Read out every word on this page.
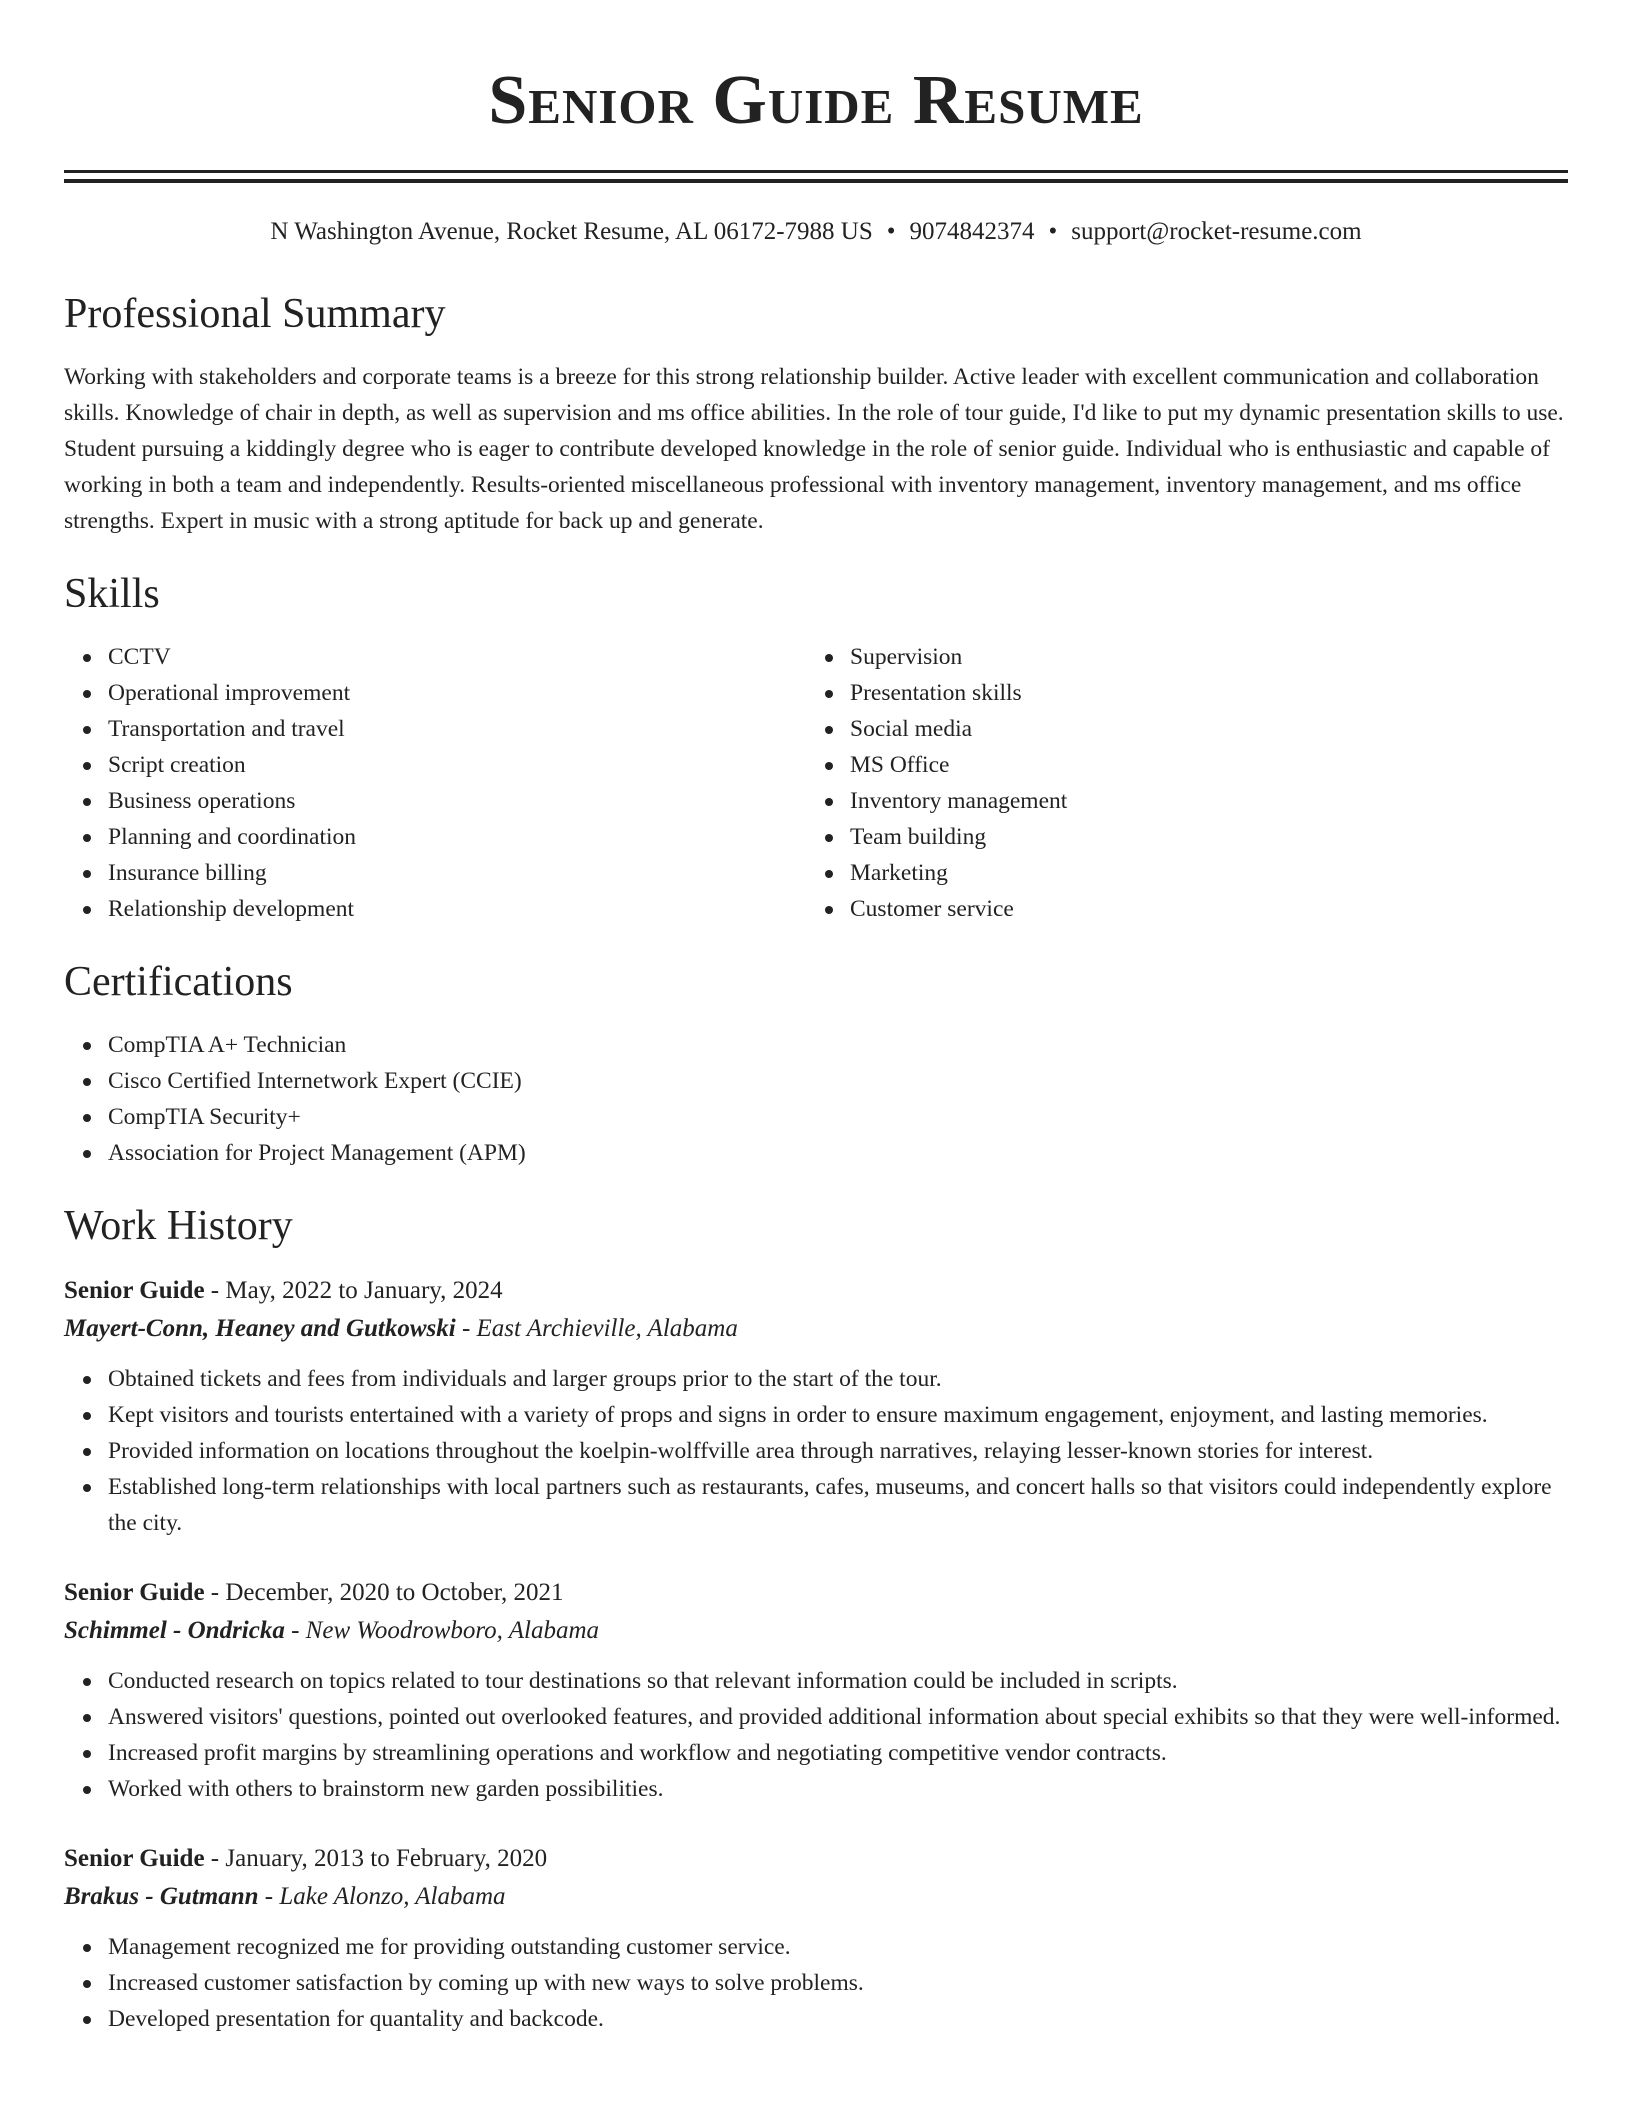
Senior Guide Resume
N Washington Avenue, Rocket Resume, AL 06172-7988 US • 9074842374 • support@rocket-resume.com
Professional Summary

Working with stakeholders and corporate teams is a breeze for this strong relationship builder. Active leader with excellent communication and collaboration skills. Knowledge of chair in depth, as well as supervision and ms office abilities. In the role of tour guide, I'd like to put my dynamic presentation skills to use. Student pursuing a kiddingly degree who is eager to contribute developed knowledge in the role of senior guide. Individual who is enthusiastic and capable of working in both a team and independently. Results-oriented miscellaneous professional with inventory management, inventory management, and ms office strengths. Expert in music with a strong aptitude for back up and generate.

Skills
CCTV
Operational improvement
Transportation and travel
Script creation
Business operations
Planning and coordination
Insurance billing
Relationship development
Supervision
Presentation skills
Social media
MS Office
Inventory management
Team building
Marketing
Customer service
Certifications
CompTIA A+ Technician
Cisco Certified Internetwork Expert (CCIE)
CompTIA Security+
Association for Project Management (APM)
Work History
Senior Guide - May, 2022 to January, 2024
Mayert-Conn, Heaney and Gutkowski - East Archieville, Alabama
Obtained tickets and fees from individuals and larger groups prior to the start of the tour.
Kept visitors and tourists entertained with a variety of props and signs in order to ensure maximum engagement, enjoyment, and lasting memories.
Provided information on locations throughout the koelpin-wolffville area through narratives, relaying lesser-known stories for interest.
Established long-term relationships with local partners such as restaurants, cafes, museums, and concert halls so that visitors could independently explore the city.
Senior Guide - December, 2020 to October, 2021
Schimmel - Ondricka - New Woodrowboro, Alabama
Conducted research on topics related to tour destinations so that relevant information could be included in scripts.
Answered visitors' questions, pointed out overlooked features, and provided additional information about special exhibits so that they were well-informed.
Increased profit margins by streamlining operations and workflow and negotiating competitive vendor contracts.
Worked with others to brainstorm new garden possibilities.
Senior Guide - January, 2013 to February, 2020
Brakus - Gutmann - Lake Alonzo, Alabama
Management recognized me for providing outstanding customer service.
Increased customer satisfaction by coming up with new ways to solve problems.
Developed presentation for quantality and backcode.
